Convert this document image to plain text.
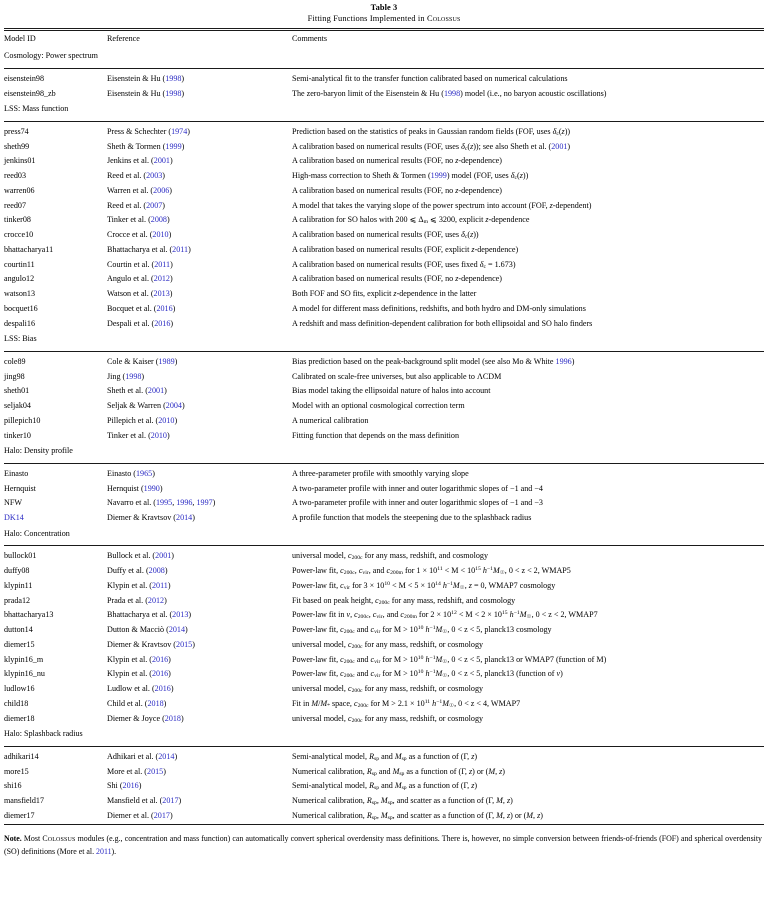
Table 3
Fitting Functions Implemented in Colossus
Model ID	Reference	Comments
Cosmology: Power spectrum		

eisenstein98	Eisenstein & Hu (1998)	Semi-analytical fit to the transfer function calibrated based on numerical calculations
eisenstein98_zb	Eisenstein & Hu (1998)	The zero-baryon limit of the Eisenstein & Hu (1998) model (i.e., no baryon acoustic oscillations)
LSS: Mass function		

press74	Press & Schechter (1974)	Prediction based on the statistics of peaks in Gaussian random fields (FOF, uses $\delta_c(z)$)
sheth99	Sheth & Tormen (1999)	A calibration based on numerical results (FOF, uses $\delta_c(z)$); see also Sheth et al. (2001)
jenkins01	Jenkins et al. (2001)	A calibration based on numerical results (FOF, no z-dependence)
reed03	Reed et al. (2003)	High-mass correction to Sheth & Tormen (1999) model (FOF, uses $\delta_c(z)$)
warren06	Warren et al. (2006)	A calibration based on numerical results (FOF, no z-dependence)
reed07	Reed et al. (2007)	A model that takes the varying slope of the power spectrum into account (FOF, z-dependent)
tinker08	Tinker et al. (2008)	A calibration for SO halos with 200 ⩽ $\Delta_m$ ⩽ 3200, explicit z-dependence
crocce10	Crocce et al. (2010)	A calibration based on numerical results (FOF, uses $\delta_c(z)$)
bhattacharya11	Bhattacharya et al. (2011)	A calibration based on numerical results (FOF, explicit z-dependence)
courtin11	Courtin et al. (2011)	A calibration based on numerical results (FOF, uses fixed $\delta_c = 1.673$)
angulo12	Angulo et al. (2012)	A calibration based on numerical results (FOF, no z-dependence)
watson13	Watson et al. (2013)	Both FOF and SO fits, explicit z-dependence in the latter
bocquet16	Bocquet et al. (2016)	A model for different mass definitions, redshifts, and both hydro and DM-only simulations
despali16	Despali et al. (2016)	A redshift and mass definition-dependent calibration for both ellipsoidal and SO halo finders
LSS: Bias		

cole89	Cole & Kaiser (1989)	Bias prediction based on the peak-background split model (see also Mo & White 1996)
jing98	Jing (1998)	Calibrated on scale-free universes, but also applicable to ΛCDM
sheth01	Sheth et al. (2001)	Bias model taking the ellipsoidal nature of halos into account
seljak04	Seljak & Warren (2004)	Model with an optional cosmological correction term
pillepich10	Pillepich et al. (2010)	A numerical calibration
tinker10	Tinker et al. (2010)	Fitting function that depends on the mass definition
Halo: Density profile		

Einasto	Einasto (1965)	A three-parameter profile with smoothly varying slope
Hernquist	Hernquist (1990)	A two-parameter profile with inner and outer logarithmic slopes of −1 and −4
NFW	Navarro et al. (1995, 1996, 1997)	A two-parameter profile with inner and outer logarithmic slopes of −1 and −3
DK14	Diemer & Kravtsov (2014)	A profile function that models the steepening due to the splashback radius
Halo: Concentration		

bullock01	Bullock et al. (2001)	universal model, $c_{200c}$ for any mass, redshift, and cosmology
duffy08	Duffy et al. (2008)	Power-law fit, $c_{200c}$, $c_{vir}$, and $c_{200m}$ for $1 \times 10^{11} < M < 10^{15}$ $h^{-1}M_☉$, 0 < z < 2, WMAP5
klypin11	Klypin et al. (2011)	Power-law fit, $c_{vir}$ for $3 \times 10^{10} < M < 5 \times 10^{14}$ $h^{-1}M_☉$, z = 0, WMAP7 cosmology
prada12	Prada et al. (2012)	Fit based on peak height, $c_{200c}$ for any mass, redshift, and cosmology
bhattacharya13	Bhattacharya et al. (2013)	Power-law fit in ν, $c_{200c}$, $c_{vir}$, and $c_{200m}$ for $2 \times 10^{12} < M < 2 \times 10^{15}$ $h^{-1}M_☉$, 0 < z < 2, WMAP7
dutton14	Dutton & Macciò (2014)	Power-law fit, $c_{200c}$ and $c_{vir}$ for $M > 10^{10}$ $h^{-1}M_☉$, 0 < z < 5, planck13 cosmology
diemer15	Diemer & Kravtsov (2015)	universal model, $c_{200c}$ for any mass, redshift, or cosmology
klypin16_m	Klypin et al. (2016)	Power-law fit, $c_{200c}$ and $c_{vir}$ for $M > 10^{10}$ $h^{-1}M_☉$, 0 < z < 5, planck13 or WMAP7 (function of M)
klypin16_nu	Klypin et al. (2016)	Power-law fit, $c_{200c}$ and $c_{vir}$ for $M > 10^{10}$ $h^{-1}M_☉$, 0 < z < 5, planck13 (function of ν)
ludlow16	Ludlow et al. (2016)	universal model, $c_{200c}$ for any mass, redshift, or cosmology
child18	Child et al. (2018)	Fit in $M/M_*$ space, $c_{200c}$ for $M > 2.1 \times 10^{11}$ $h^{-1}M_☉$, 0 < z < 4, WMAP7
diemer18	Diemer & Joyce (2018)	universal model, $c_{200c}$ for any mass, redshift, or cosmology
Halo: Splashback radius		

adhikari14	Adhikari et al. (2014)	Semi-analytical model, $R_{sp}$ and $M_{sp}$ as a function of (Γ, z)
more15	More et al. (2015)	Numerical calibration, $R_{sp}$ and $M_{sp}$ as a function of (Γ, z) or (M, z)
shi16	Shi (2016)	Semi-analytical model, $R_{sp}$ and $M_{sp}$ as a function of (Γ, z)
mansfield17	Mansfield et al. (2017)	Numerical calibration, $R_{sp}$, $M_{sp}$, and scatter as a function of (Γ, M, z)
diemer17	Diemer et al. (2017)	Numerical calibration, $R_{sp}$, $M_{sp}$, and scatter as a function of (Γ, M, z) or (M, z)
Note. Most Colossus modules (e.g., concentration and mass function) can automatically convert spherical overdensity mass definitions. There is, however, no simple conversion between friends-of-friends (FOF) and spherical overdensity (SO) definitions (More et al. 2011).
